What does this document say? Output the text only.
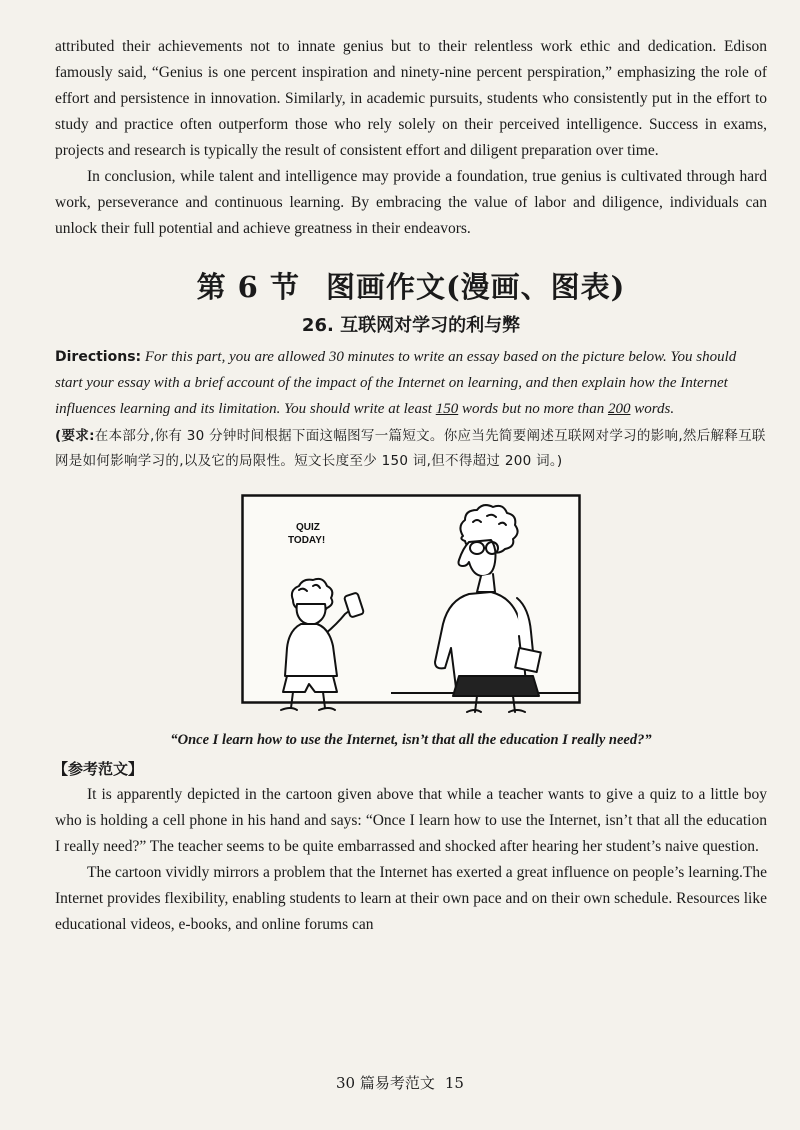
attributed their achievements not to innate genius but to their relentless work ethic and dedication. Edison famously said, “Genius is one percent inspiration and ninety-nine percent perspiration,” emphasizing the role of effort and persistence in innovation. Similarly, in academic pursuits, students who consistently put in the effort to study and practice often outperform those who rely solely on their perceived intelligence. Success in exams, projects and research is typically the result of consistent effort and diligent preparation over time.

In conclusion, while talent and intelligence may provide a foundation, true genius is cultivated through hard work, perseverance and continuous learning. By embracing the value of labor and diligence, individuals can unlock their full potential and achieve greatness in their endeavors.

第 6 节 图画作文(漫画、图表)
26. 互联网对学习的利与弊

Directions: For this part, you are allowed 30 minutes to write an essay based on the picture below. You should start your essay with a brief account of the impact of the Internet on learning, and then explain how the Internet influences learning and its limitation. You should write at least 150 words but no more than 200 words.

(要求:在本部分,你有 30 分钟时间根据下面这幅图写一篇短文。你应当先简要阐述互联网对学习的影响,然后解释互联网是如何影响学习的,以及它的局限性。短文长度至少 150 词,但不得超过 200 词。)

QUIZ
TODAY!

“Once I learn how to use the Internet, isn’t that all the education I really need?”

【参考范文】

It is apparently depicted in the cartoon given above that while a teacher wants to give a quiz to a little boy who is holding a cell phone in his hand and says: “Once I learn how to use the Internet, isn’t that all the education I really need?” The teacher seems to be quite embarrassed and shocked after hearing her student’s naive question.

The cartoon vividly mirrors a problem that the Internet has exerted a great influence on people’s learning.The Internet provides flexibility, enabling students to learn at their own pace and on their own schedule. Resources like educational videos, e-books, and online forums can

30 篇易考范文 15
